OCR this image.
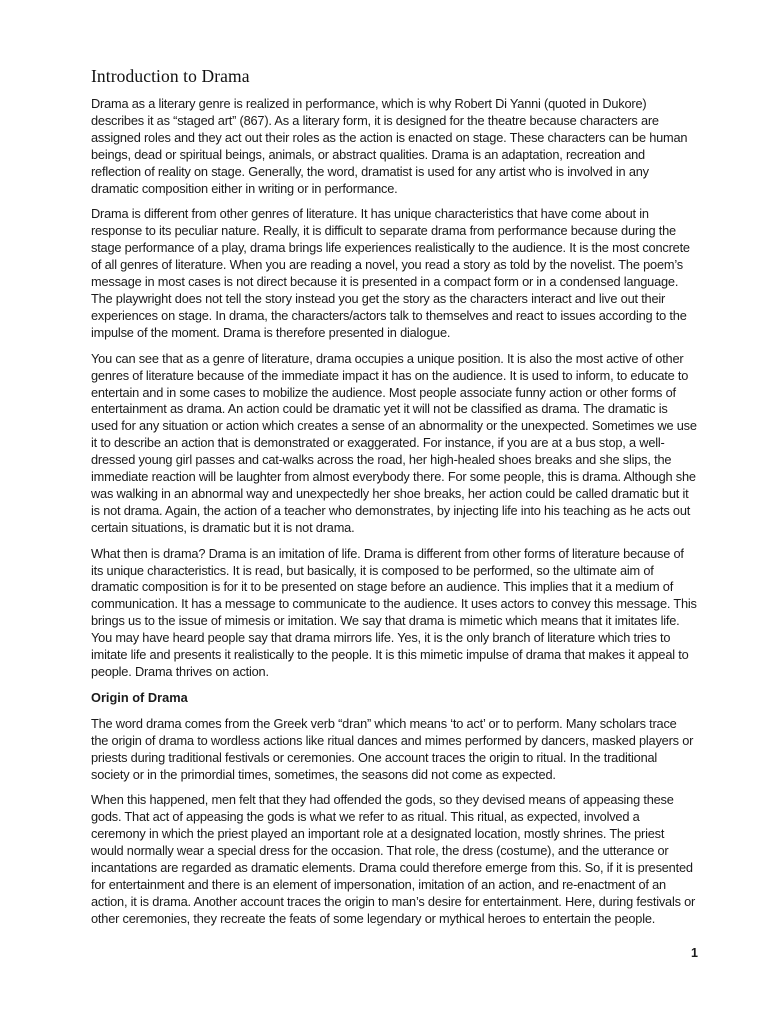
Introduction to Drama

Drama as a literary genre is realized in performance, which is why Robert Di Yanni (quoted in Dukore) describes it as “staged art” (867). As a literary form, it is designed for the theatre because characters are assigned roles and they act out their roles as the action is enacted on stage. These characters can be human beings, dead or spiritual beings, animals, or abstract qualities. Drama is an adaptation, recreation and reflection of reality on stage. Generally, the word, dramatist is used for any artist who is involved in any dramatic composition either in writing or in performance.

Drama is different from other genres of literature. It has unique characteristics that have come about in response to its peculiar nature. Really, it is difficult to separate drama from performance because during the stage performance of a play, drama brings life experiences realistically to the audience. It is the most concrete of all genres of literature. When you are reading a novel, you read a story as told by the novelist. The poem’s message in most cases is not direct because it is presented in a compact form or in a condensed language. The playwright does not tell the story instead you get the story as the characters interact and live out their experiences on stage. In drama, the characters/actors talk to themselves and react to issues according to the impulse of the moment. Drama is therefore presented in dialogue.

You can see that as a genre of literature, drama occupies a unique position. It is also the most active of other genres of literature because of the immediate impact it has on the audience. It is used to inform, to educate to entertain and in some cases to mobilize the audience. Most people associate funny action or other forms of entertainment as drama. An action could be dramatic yet it will not be classified as drama. The dramatic is used for any situation or action which creates a sense of an abnormality or the unexpected. Sometimes we use it to describe an action that is demonstrated or exaggerated. For instance, if you are at a bus stop, a well-dressed young girl passes and cat-walks across the road, her high-healed shoes breaks and she slips, the immediate reaction will be laughter from almost everybody there. For some people, this is drama. Although she was walking in an abnormal way and unexpectedly her shoe breaks, her action could be called dramatic but it is not drama. Again, the action of a teacher who demonstrates, by injecting life into his teaching as he acts out certain situations, is dramatic but it is not drama.

What then is drama? Drama is an imitation of life. Drama is different from other forms of literature because of its unique characteristics. It is read, but basically, it is composed to be performed, so the ultimate aim of dramatic composition is for it to be presented on stage before an audience. This implies that it a medium of communication. It has a message to communicate to the audience. It uses actors to convey this message. This brings us to the issue of mimesis or imitation. We say that drama is mimetic which means that it imitates life. You may have heard people say that drama mirrors life. Yes, it is the only branch of literature which tries to imitate life and presents it realistically to the people. It is this mimetic impulse of drama that makes it appeal to people. Drama thrives on action.

Origin of Drama

The word drama comes from the Greek verb “dran” which means ‘to act’ or to perform. Many scholars trace the origin of drama to wordless actions like ritual dances and mimes performed by dancers, masked players or priests during traditional festivals or ceremonies. One account traces the origin to ritual. In the traditional society or in the primordial times, sometimes, the seasons did not come as expected.

When this happened, men felt that they had offended the gods, so they devised means of appeasing these gods. That act of appeasing the gods is what we refer to as ritual. This ritual, as expected, involved a ceremony in which the priest played an important role at a designated location, mostly shrines. The priest would normally wear a special dress for the occasion. That role, the dress (costume), and the utterance or incantations are regarded as dramatic elements. Drama could therefore emerge from this. So, if it is presented for entertainment and there is an element of impersonation, imitation of an action, and re-enactment of an action, it is drama. Another account traces the origin to man’s desire for entertainment. Here, during festivals or other ceremonies, they recreate the feats of some legendary or mythical heroes to entertain the people.

1
